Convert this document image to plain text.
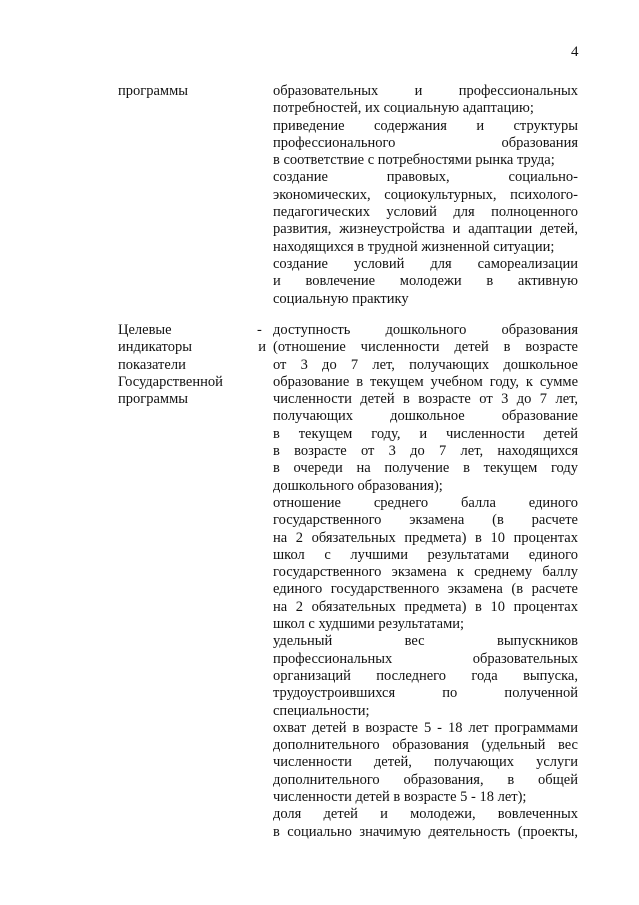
4
программы	образовательных и профессиональных
потребностей, их социальную адаптацию;
приведение содержания и структуры
профессионального образования
в соответствие с потребностями рынка труда;
создание правовых, социально-
экономических, социокультурных, психолого-
педагогических условий для полноценного
развития, жизнеустройства и адаптации детей,
находящихся в трудной жизненной ситуации;
создание условий для самореализации
и вовлечение молодежи в активную
социальную практику
Целевые
индикаторы	и
показатели
Государственной
программы
- доступность дошкольного образования
(отношение численности детей в возрасте
от 3 до 7 лет, получающих дошкольное
образование в текущем учебном году, к сумме
численности детей в возрасте от 3 до 7 лет,
получающих дошкольное образование
в текущем году, и численности детей
в возрасте от 3 до 7 лет, находящихся
в очереди на получение в текущем году
дошкольного образования);
отношение среднего балла единого
государственного экзамена (в расчете
на 2 обязательных предмета) в 10 процентах
школ с лучшими результатами единого
государственного экзамена к среднему баллу
единого государственного экзамена (в расчете
на 2 обязательных предмета) в 10 процентах
школ с худшими результатами;
удельный вес выпускников
профессиональных образовательных
организаций последнего года выпуска,
трудоустроившихся по полученной
специальности;
охват детей в возрасте 5 - 18 лет программами
дополнительного образования (удельный вес
численности детей, получающих услуги
дополнительного образования, в общей
численности детей в возрасте 5 - 18 лет);
доля детей и молодежи, вовлеченных
в социально значимую деятельность (проекты,
